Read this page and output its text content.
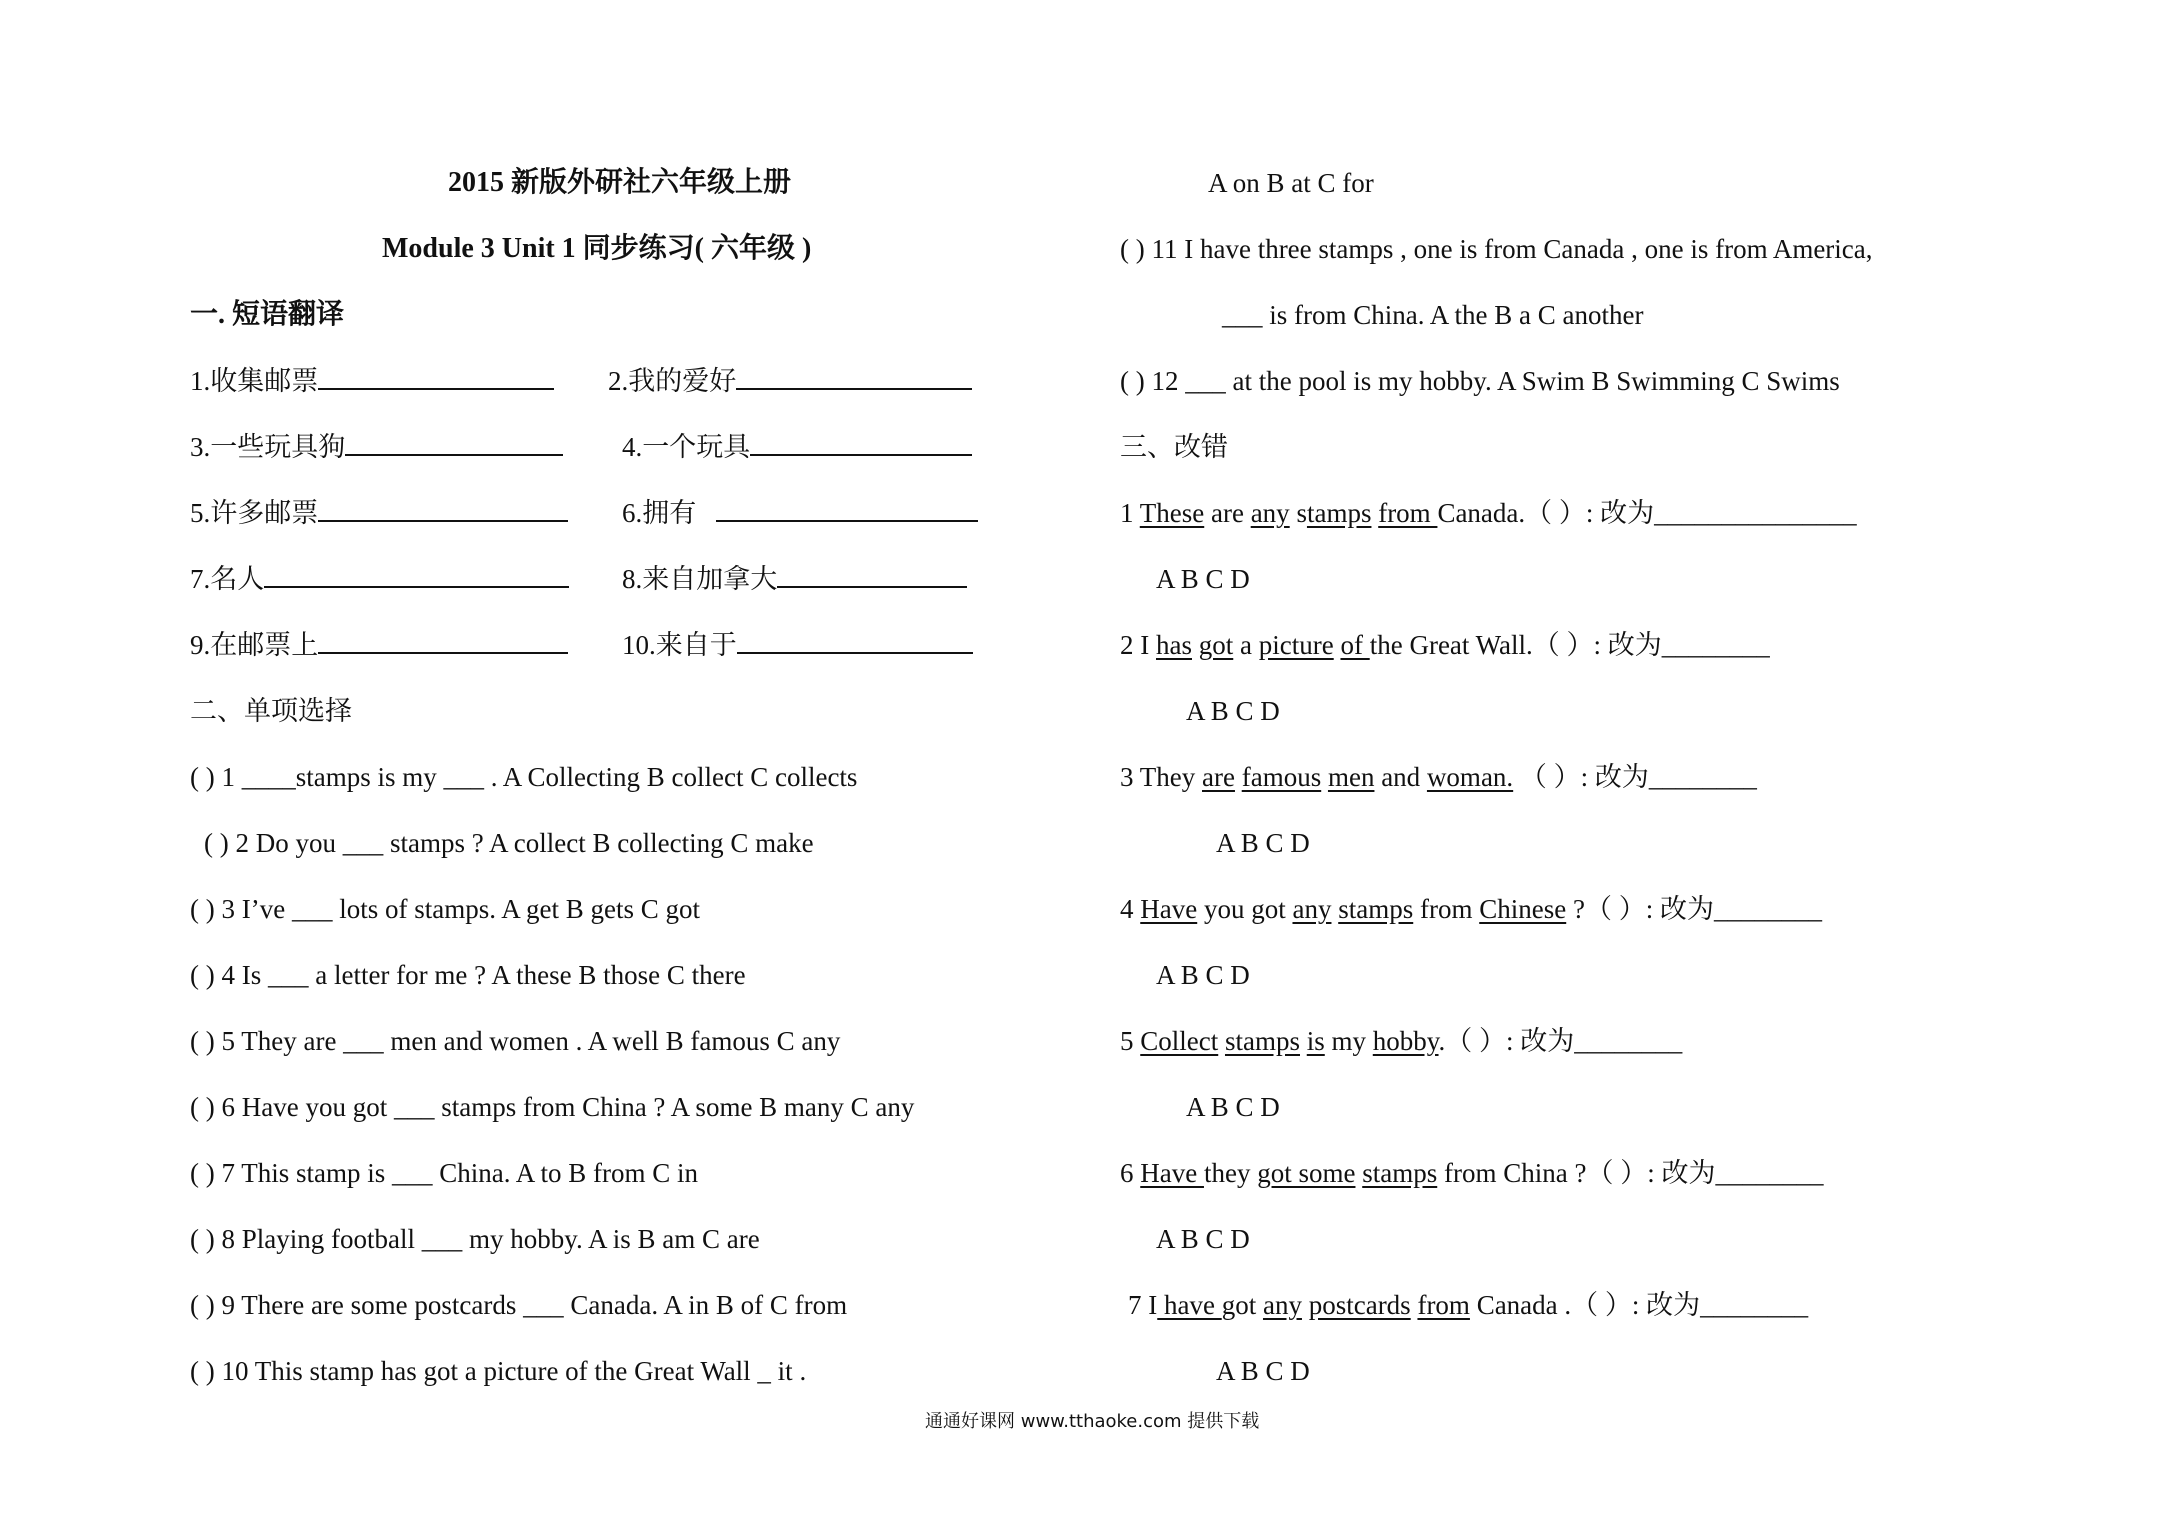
2015 新版外研社六年级上册
Module 3 Unit 1 同步练习( 六年级 )
一. 短语翻译
1.收集邮票	2.我的爱好
3.一些玩具狗	4.一个玩具
5.许多邮票	6.拥有
7.名人	8.来自加拿大
9.在邮票上	10.来自于
二、单项选择
( ) 1 ____stamps is my ___ . A Collecting B collect C collects
( ) 2 Do you ___ stamps ? A collect B collecting C make
( ) 3 I’ve ___ lots of stamps. A get B gets C got
( ) 4 Is ___ a letter for me ? A these B those C there
( ) 5 They are ___ men and women . A well B famous C any
( ) 6 Have you got ___ stamps from China ? A some B many C any
( ) 7 This stamp is ___ China. A to B from C in
( ) 8 Playing football ___ my hobby. A is B am C are
( ) 9 There are some postcards ___ Canada. A in B of C from
( ) 10 This stamp has got a picture of the Great Wall _ it .
A on B at C for
( ) 11 I have three stamps , one is from Canada , one is from America,
___ is from China. A the B a C another
( ) 12 ___ at the pool is my hobby. A Swim B Swimming C Swims
三、改错
1 These are any stamps from Canada.（ ）: 改为_______________
A B C D
2 I has got a picture of the Great Wall.（ ）: 改为________
A B C D
3 They are famous men and woman. （ ）: 改为________
A B C D
4 Have you got any stamps from Chinese ?（ ）: 改为________
A B C D
5 Collect stamps is my hobby.（ ）: 改为________
A B C D
6 Have they got some stamps from China ?（ ）: 改为________
A B C D
7 I have got any postcards from Canada .（ ）: 改为________
A B C D
通通好课网 www.tthaoke.com 提供下载
